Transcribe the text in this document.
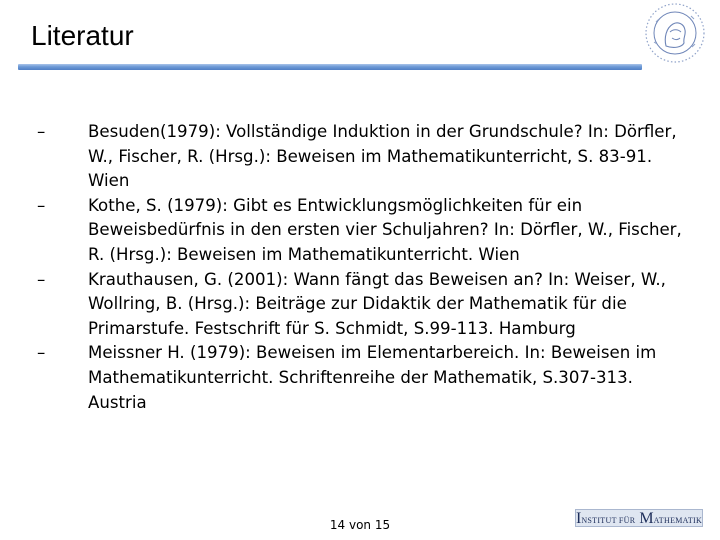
Literatur
–	Besuden(1979): Vollständige Induktion in der Grundschule? In: Dörfler, W., Fischer, R. (Hrsg.): Beweisen im Mathematikunterricht, S. 83-91. Wien
–	Kothe, S. (1979): Gibt es Entwicklungsmöglichkeiten für ein Beweisbedürfnis in den ersten vier Schuljahren? In: Dörfler, W., Fischer, R. (Hrsg.): Beweisen im Mathematikunterricht. Wien
–	Krauthausen, G. (2001): Wann fängt das Beweisen an? In: Weiser, W., Wollring, B. (Hrsg.): Beiträge zur Didaktik der Mathematik für die Primarstufe. Festschrift für S. Schmidt, S.99-113. Hamburg
–	Meissner H. (1979): Beweisen im Elementarbereich. In: Beweisen im Mathematikunterricht. Schriftenreihe der Mathematik, S.307-313. Austria
14 von 15	INSTITUT FÜR MATHEMATIK
